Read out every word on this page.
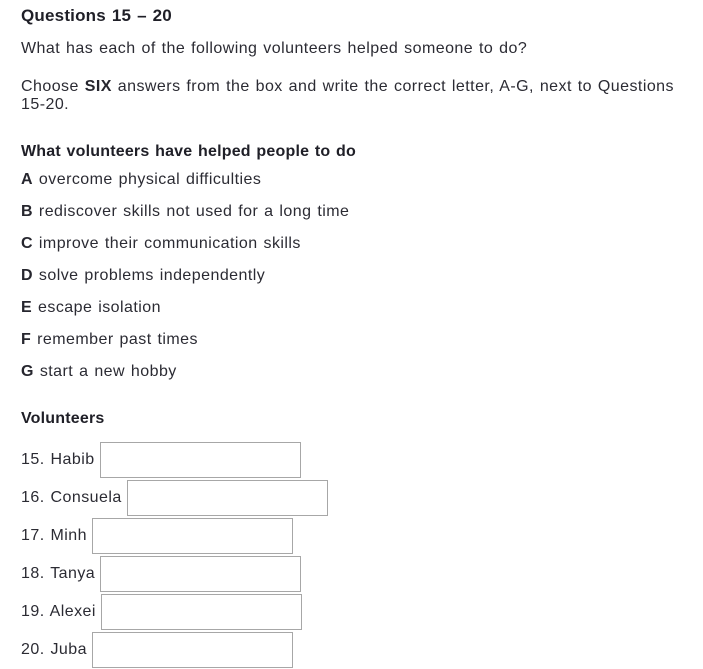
Questions 15 – 20

What has each of the following volunteers helped someone to do?

Choose SIX answers from the box and write the correct letter, A-G, next to Questions 15-20.

What volunteers have helped people to do

A overcome physical difficulties

B rediscover skills not used for a long time

C improve their communication skills

D solve problems independently

E escape isolation

F remember past times

G start a new hobby

Volunteers
15. Habib
16. Consuela
17. Minh
18. Tanya
19. Alexei
20. Juba
